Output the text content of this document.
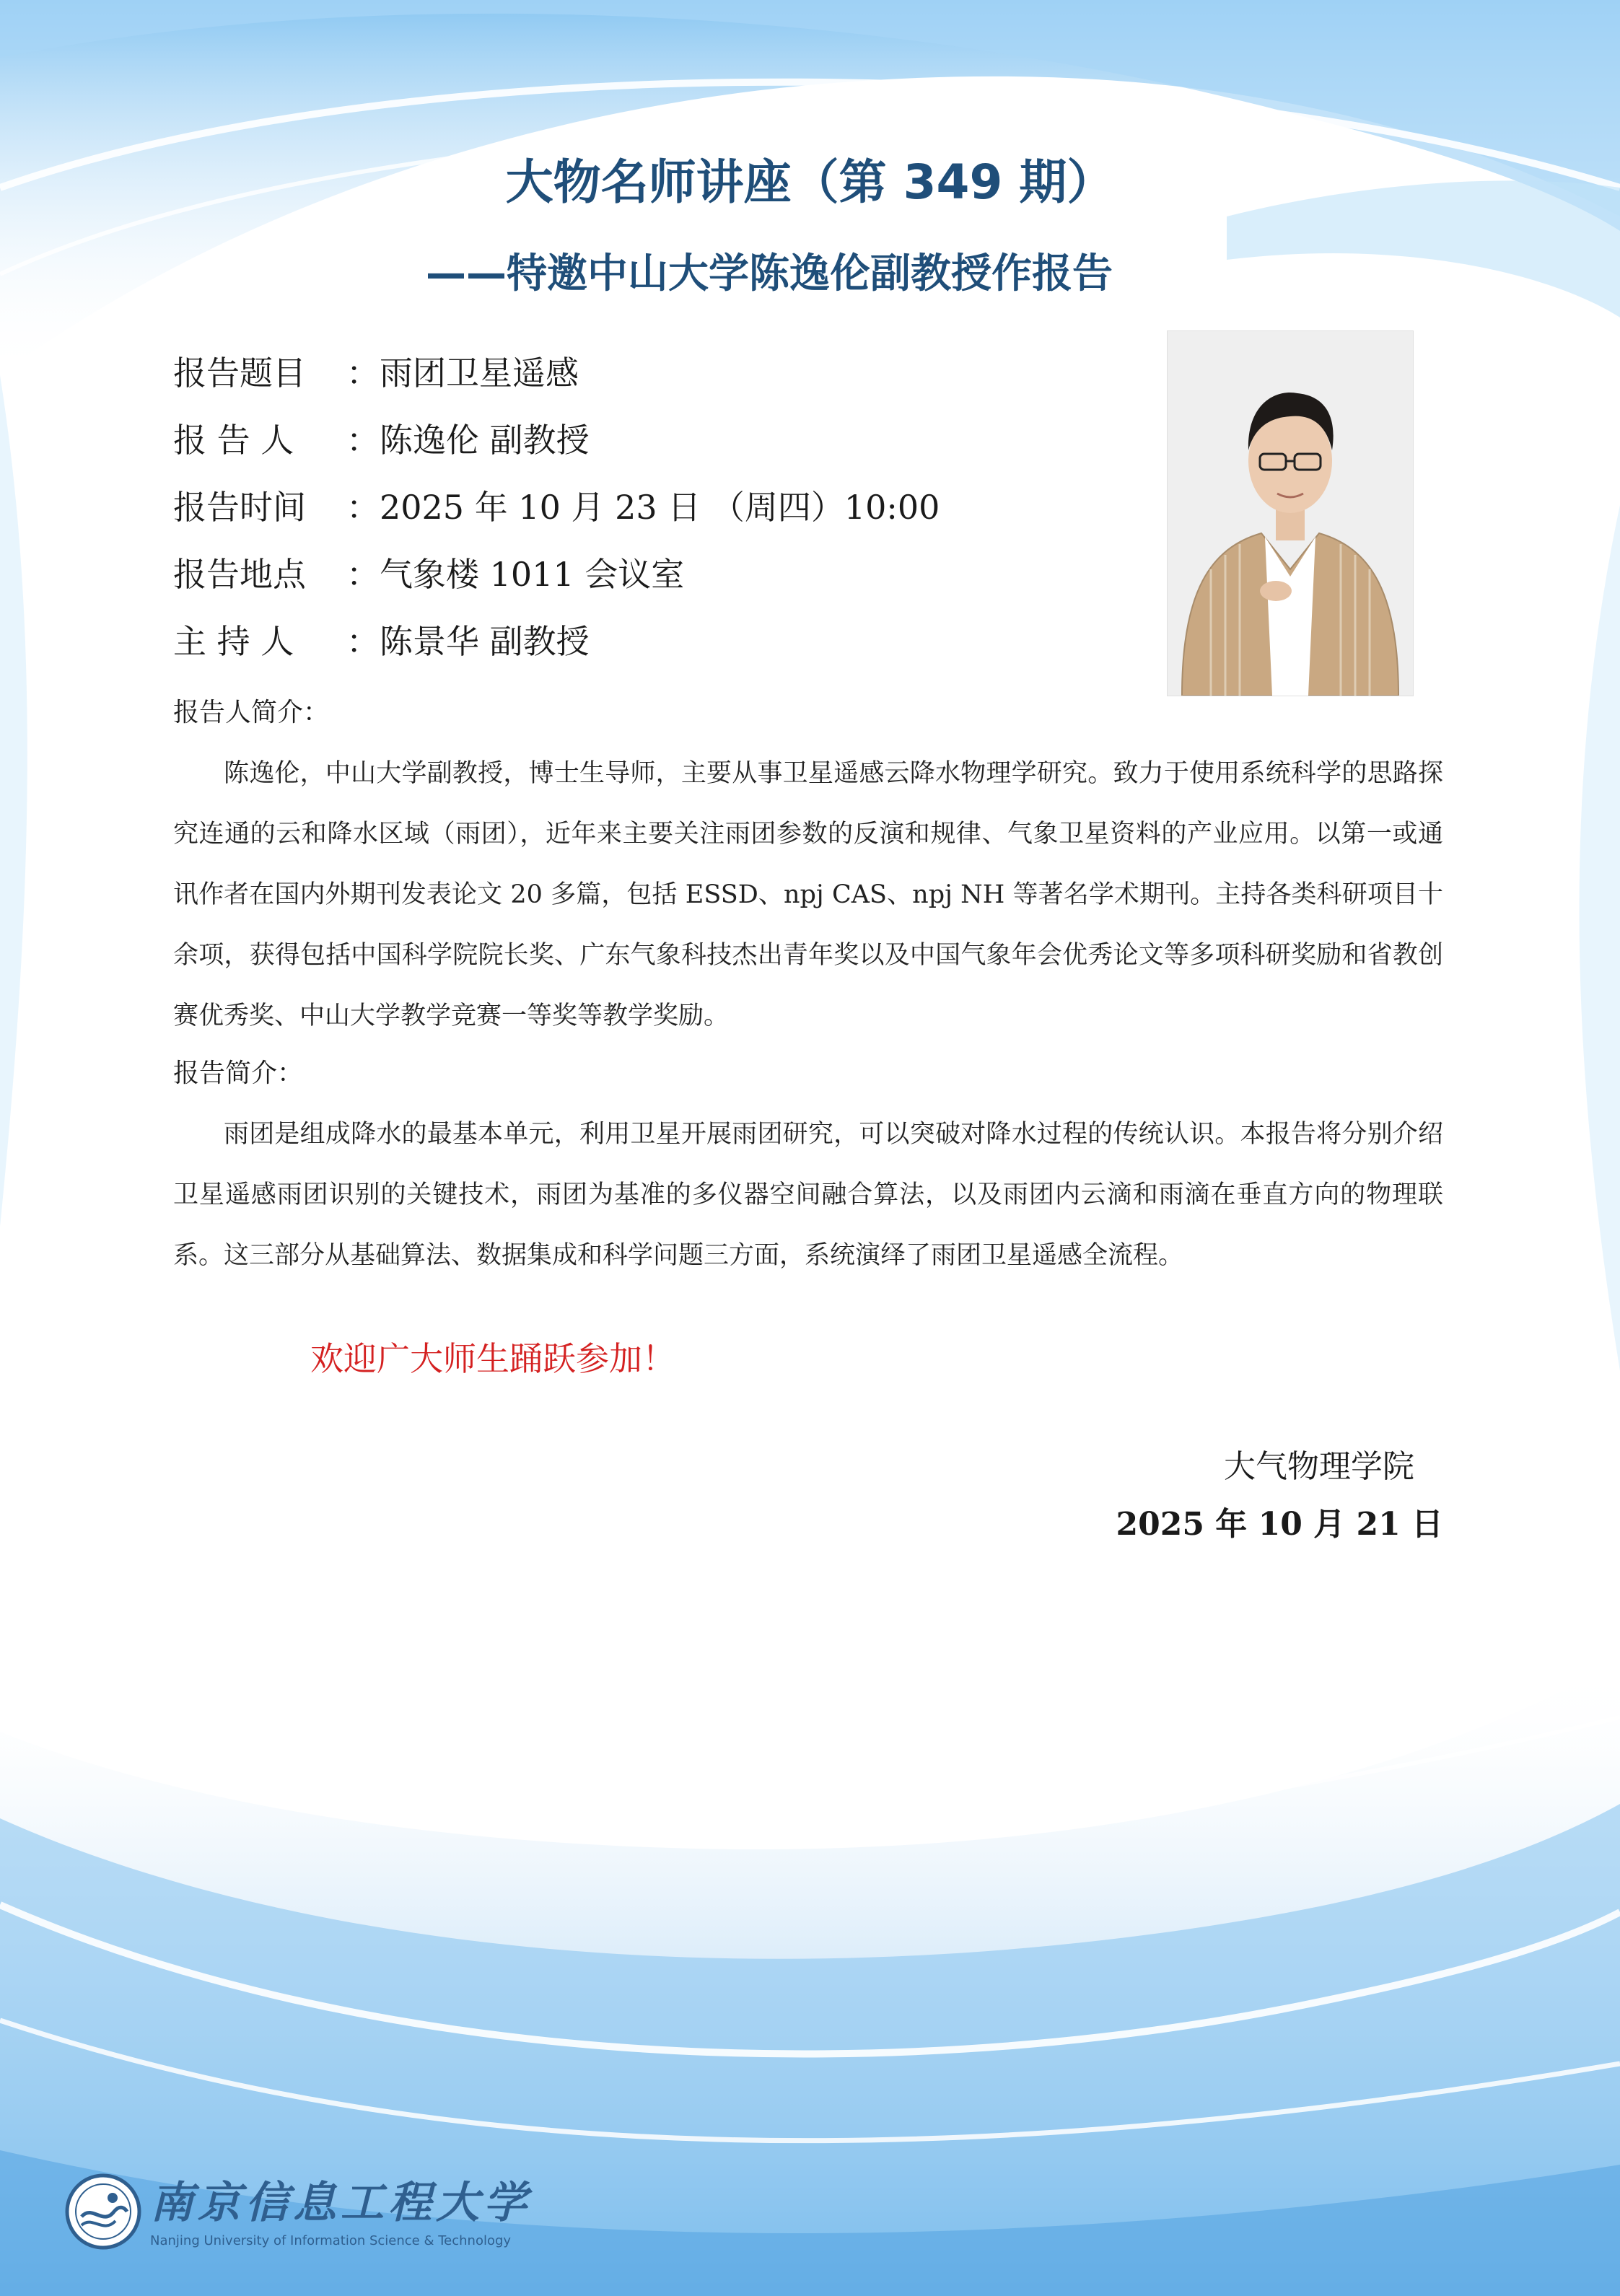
大物名师讲座（第 349 期）
——特邀中山大学陈逸伦副教授作报告
报告题目 ：雨团卫星遥感
报 告 人 ：陈逸伦 副教授
报告时间 ：2025 年 10 月 23 日 （周四）10:00
报告地点 ：气象楼 1011 会议室
主 持 人 ：陈景华 副教授
报告人简介：

陈逸伦，中山大学副教授，博士生导师，主要从事卫星遥感云降水物理学研究。致力于使用系统科学的思路探究连通的云和降水区域（雨团），近年来主要关注雨团参数的反演和规律、气象卫星资料的产业应用。以第一或通讯作者在国内外期刊发表论文 20 多篇，包括 ESSD、npj CAS、npj NH 等著名学术期刊。主持各类科研项目十余项，获得包括中国科学院院长奖、广东气象科技杰出青年奖以及中国气象年会优秀论文等多项科研奖励和省教创赛优秀奖、中山大学教学竞赛一等奖等教学奖励。

报告简介：

雨团是组成降水的最基本单元，利用卫星开展雨团研究，可以突破对降水过程的传统认识。本报告将分别介绍卫星遥感雨团识别的关键技术，雨团为基准的多仪器空间融合算法，以及雨团内云滴和雨滴在垂直方向的物理联系。这三部分从基础算法、数据集成和科学问题三方面，系统演绎了雨团卫星遥感全流程。

欢迎广大师生踊跃参加！

大气物理学院

2025 年 10 月 21 日

南京信息工程大学
Nanjing University of Information Science & Technology
